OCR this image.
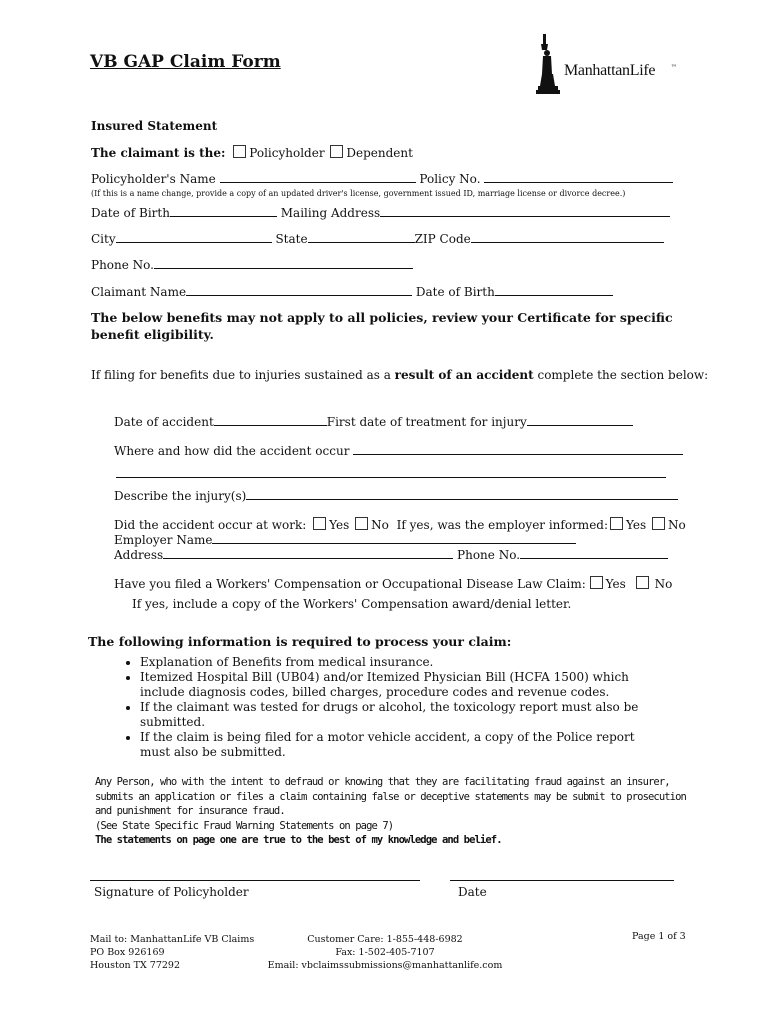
VB GAP Claim Form	ManhattanLife	™
Insured Statement
The claimant is the: Policyholder Dependent
Policyholder's Name	Policy No.
(If this is a name change, provide a copy of an updated driver's license, government issued ID, marriage license or divorce decree.)
Date of Birth	Mailing Address
City	State	ZIP Code
Phone No.
Claimant Name	Date of Birth
The below benefits may not apply to all policies, review your Certificate for specific
benefit eligibility.
If filing for benefits due to injuries sustained as a result of an accident complete the section below:
Date of accident	First date of treatment for injury
Where and how did the accident occur
Describe the injury(s)
Did the accident occur at work: Yes No If yes, was the employer informed: Yes No
Employer Name
Address	Phone No.
Have you filed a Workers' Compensation or Occupational Disease Law Claim: Yes No
If yes, include a copy of the Workers' Compensation award/denial letter.
The following information is required to process your claim:
• Explanation of Benefits from medical insurance.
• Itemized Hospital Bill (UB04) and/or Itemized Physician Bill (HCFA 1500) which include diagnosis codes, billed charges, procedure codes and revenue codes.
• If the claimant was tested for drugs or alcohol, the toxicology report must also be submitted.
• If the claim is being filed for a motor vehicle accident, a copy of the Police report must also be submitted.
Any Person, who with the intent to defraud or knowing that they are facilitating fraud against an insurer, submits an application or files a claim containing false or deceptive statements may be submit to prosecution and punishment for insurance fraud.
(See State Specific Fraud Warning Statements on page 7)
The statements on page one are true to the best of my knowledge and belief.
Signature of Policyholder	Date
Mail to: ManhattanLife VB Claims
PO Box 926169
Houston TX 77292
Customer Care: 1-855-448-6982
Fax: 1-502-405-7107
Email: vbclaimssubmissions@manhattanlife.com
Page 1 of 3
